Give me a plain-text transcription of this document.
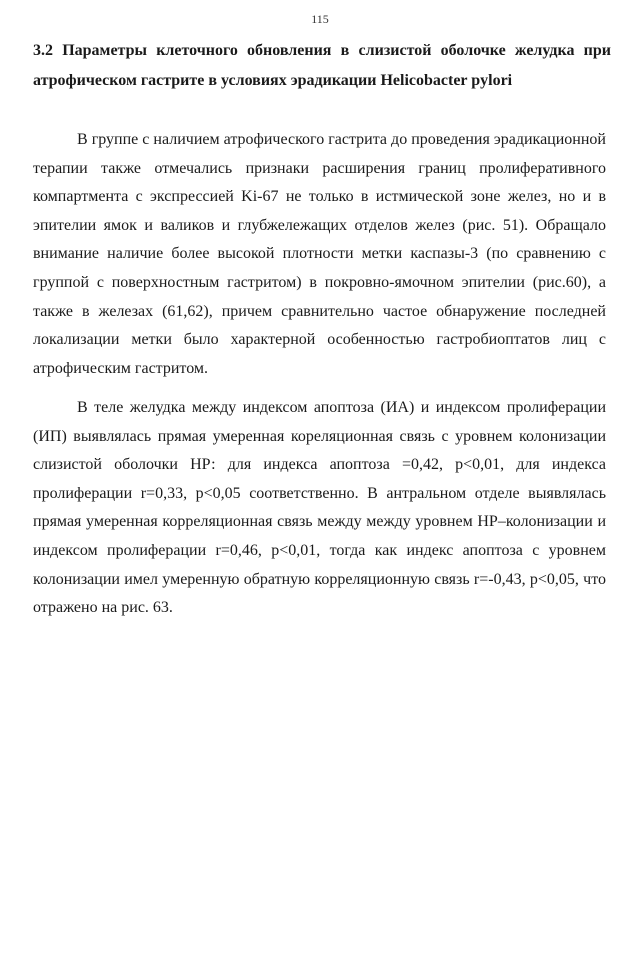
115
3.2 Параметры клеточного обновления в слизистой оболочке желудка при атрофическом гастрите в условиях эрадикации Helicobacter pylori

В группе с наличием атрофического гастрита до проведения эрадикационной терапии также отмечались признаки расширения границ пролиферативного компартмента с экспрессией Ki-67 не только в истмической зоне желез, но и в эпителии ямок и валиков и глубжележащих отделов желез (рис. 51). Обращало внимание наличие более высокой плотности метки каспазы-3 (по сравнению с группой с поверхностным гастритом) в покровно-ямочном эпителии (рис.60), а также в железах (61,62), причем сравнительно частое обнаружение последней локализации метки было характерной особенностью гастробиоптатов лиц с атрофическим гастритом.

В теле желудка между индексом апоптоза (ИА) и индексом пролиферации (ИП) выявлялась прямая умеренная кореляционная связь с уровнем колонизации слизистой оболочки НР: для индекса апоптоза =0,42, р<0,01, для индекса пролиферации r=0,33, р<0,05 соответственно. В антральном отделе выявлялась прямая умеренная корреляционная связь между между уровнем НР–колонизации и индексом пролиферации r=0,46, р<0,01, тогда как индекс апоптоза с уровнем колонизации имел умеренную обратную корреляционную связь r=-0,43, р<0,05, что отражено на рис. 63.
